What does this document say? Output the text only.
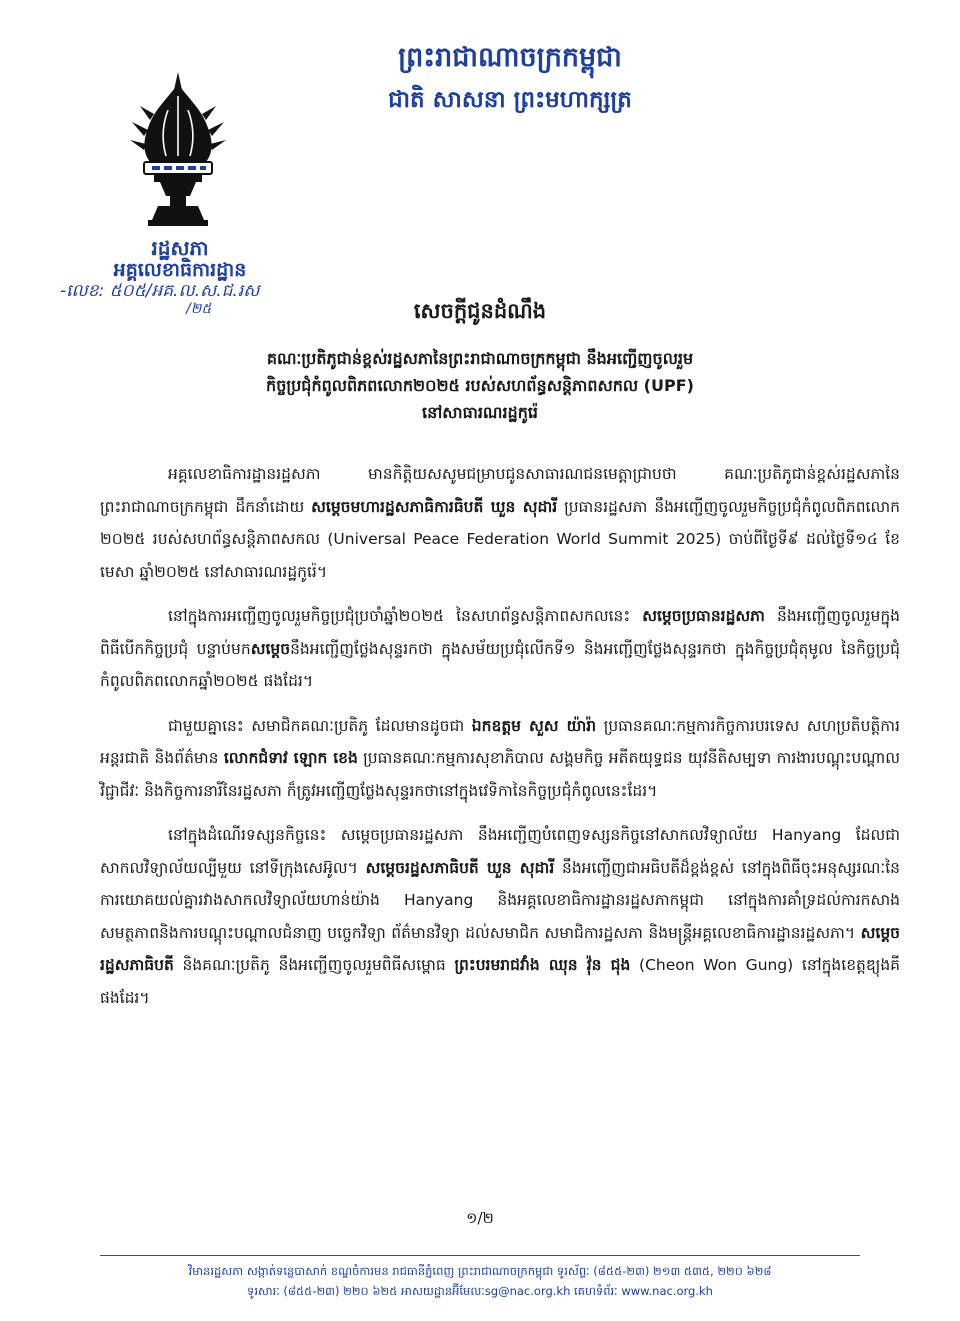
ព្រះរាជាណាចក្រកម្ពុជា
ជាតិ សាសនា ព្រះមហាក្សត្រ
រដ្ឋសភា
អគ្គលេខាធិការដ្ឋាន
-លេខ: ៥០៥/អគ.ល.ស.ជ.រស
/២៥	សេចក្ដីជូនដំណឹង
គណៈប្រតិភូជាន់ខ្ពស់រដ្ឋសភានៃព្រះរាជាណាចក្រកម្ពុជា នឹងអញ្ជើញចូលរួម
កិច្ចប្រជុំកំពូលពិភពលោក២០២៥ របស់សហព័ន្ធសន្តិភាពសកល (UPF)
នៅសាធារណរដ្ឋកូរ៉េ

អគ្គលេខាធិការដ្ឋានរដ្ឋសភា មានកិត្តិយសសូមជម្រាបជូនសាធារណជនមេត្តាជ្រាបថា គណៈប្រតិភូជាន់ខ្ពស់រដ្ឋសភានៃព្រះរាជាណាចក្រកម្ពុជា ដឹកនាំដោយ សម្ដេចមហារដ្ឋសភាធិការធិបតី ឃួន សុដារី ប្រធានរដ្ឋសភា នឹងអញ្ជើញចូលរួមកិច្ចប្រជុំកំពូលពិភពលោក ២០២៥ របស់សហព័ន្ធសន្តិភាពសកល (Universal Peace Federation World Summit 2025) ចាប់ពីថ្ងៃទី៩ ដល់ថ្ងៃទី១៤ ខែមេសា ឆ្នាំ២០២៥ នៅសាធារណរដ្ឋកូរ៉េ។

នៅក្នុងការអញ្ជើញចូលរួមកិច្ចប្រជុំប្រចាំឆ្នាំ២០២៥ នៃសហព័ន្ធសន្តិភាពសកលនេះ សម្ដេចប្រធានរដ្ឋសភា នឹងអញ្ជើញចូលរួមក្នុងពិធីបើកកិច្ចប្រជុំ បន្ទាប់មកសម្ដេចនឹងអញ្ជើញថ្លែងសុន្ទរកថា ក្នុងសម័យប្រជុំលើកទី១ និងអញ្ជើញថ្លែងសុន្ទរកថា ក្នុងកិច្ចប្រជុំតុមូល នៃកិច្ចប្រជុំកំពូលពិភពលោកឆ្នាំ២០២៥ ផងដែរ។

ជាមួយគ្នានេះ សមាជិកគណៈប្រតិភូ ដែលមានដូចជា ឯកឧត្ដម សួស យ៉ារ៉ា ប្រធានគណៈកម្មការកិច្ចការបរទេស សហប្រតិបត្តិការអន្តរជាតិ និងព័ត៌មាន លោកជំទាវ ឡោក ខេង ប្រធានគណៈកម្មការសុខាភិបាល សង្គមកិច្ច អតីតយុទ្ធជន យុវនីតិសម្បទា ការងារបណ្ដុះបណ្ដាលវិជ្ជាជីវៈ និងកិច្ចការនារីនៃរដ្ឋសភា ក៏ត្រូវអញ្ជើញថ្លែងសុន្ទរកថានៅក្នុងវេទិកានៃកិច្ចប្រជុំកំពូលនេះដែរ។

នៅក្នុងដំណើរទស្សនកិច្ចនេះ សម្ដេចប្រធានរដ្ឋសភា នឹងអញ្ជើញបំពេញទស្សនកិច្ចនៅសាកលវិទ្យាល័យ Hanyang ដែលជាសាកលវិទ្យាល័យល្បីមួយ នៅទីក្រុងសេអ៊ូល។ សម្ដេចរដ្ឋសភាធិបតី ឃួន សុដារី នឹងអញ្ជើញជាអធិបតីដ៏ខ្ពង់ខ្ពស់ នៅក្នុងពិធីចុះអនុស្សរណៈនៃការយោគយល់គ្នារវាងសាកលវិទ្យាល័យហាន់យ៉ាង Hanyang និងអគ្គលេខាធិការដ្ឋានរដ្ឋសភាកម្ពុជា នៅក្នុងការគាំទ្រដល់ការកសាងសមត្ថភាពនិងការបណ្ដុះបណ្ដាលជំនាញ បច្ចេកវិទ្យា ព័ត៌មានវិទ្យា ដល់សមាជិក សមាជិការដ្ឋសភា និងមន្ត្រីអគ្គលេខាធិការដ្ឋានរដ្ឋសភា។ សម្ដេចរដ្ឋសភាធិបតី និងគណៈប្រតិភូ នឹងអញ្ជើញចូលរួមពិធីសម្ពោធ ព្រះបរមរាជវាំង ឈុន វ៉ុន ជុង (Cheon Won Gung) នៅក្នុងខេត្តឌ្យុងគី ផងដែរ។

១/២
វិមានរដ្ឋសភា សង្កាត់ទន្លេបាសាក់ ខណ្ឌចំការមន រាជធានីភ្នំពេញ ព្រះរាជាណាចក្រកម្ពុជា ទូរស័ព្ទៈ (៨៥៥-២៣) ២១៣ ៥៣៥, ២២០ ៦២៨
ទូរសារៈ (៨៥៥-២៣) ២២០ ៦២៥ អាសយដ្ឋានអ៊ីមែលៈsg@nac.org.kh គេហទំព័រៈ www.nac.org.kh
